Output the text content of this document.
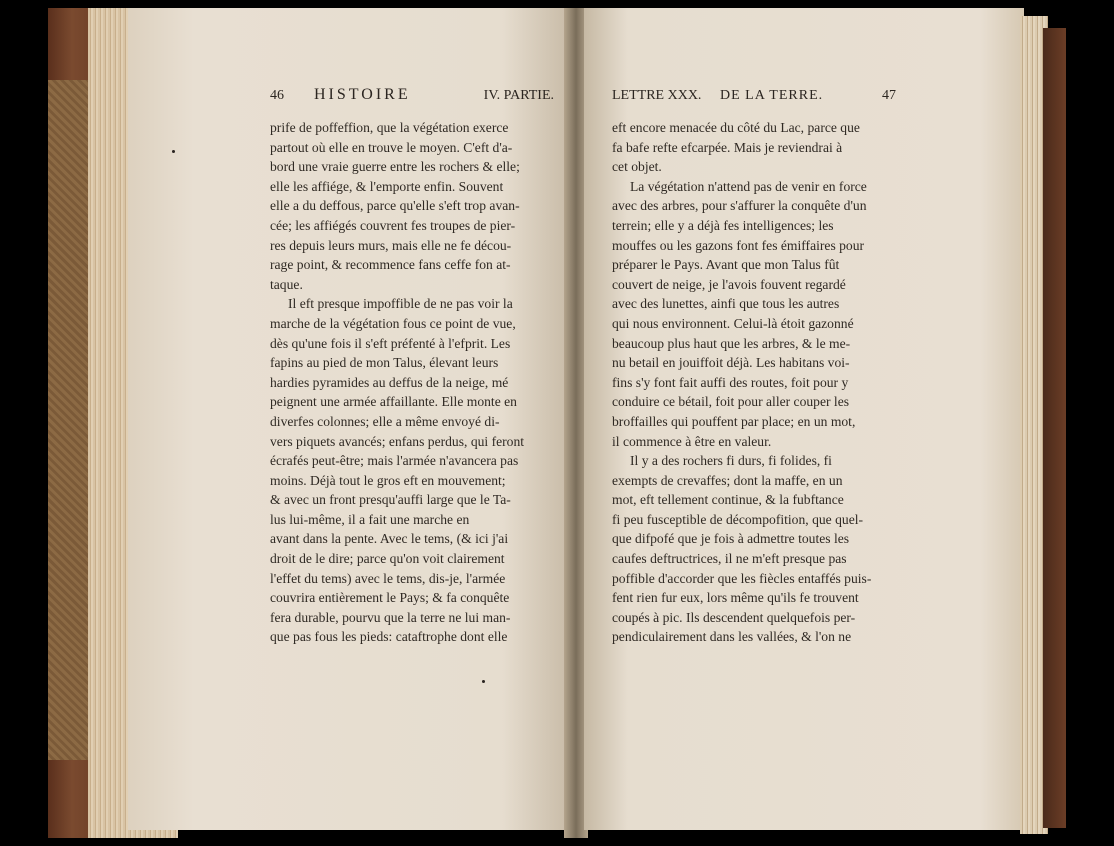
46 HISTOIRE	IV. PARTIE.	LETTRE XXX. DE LA TERRE.	47
prife de poffeffion, que la végétation exerce
partout où elle en trouve le moyen. C'eft d'a-
bord une vraie guerre entre les rochers & elle;
elle les affiége, & l'emporte enfin. Souvent
elle a du deffous, parce qu'elle s'eft trop avan-
cée; les affiégés couvrent fes troupes de pier-
res depuis leurs murs, mais elle ne fe décou-
rage point, & recommence fans ceffe fon at-
taque.
Il eft presque impoffible de ne pas voir la
marche de la végétation fous ce point de vue,
dès qu'une fois il s'eft préfenté à l'efprit. Les
fapins au pied de mon Talus, élevant leurs
hardies pyramides au deffus de la neige, mé
peignent une armée affaillante. Elle monte en
diverfes colonnes; elle a même envoyé di-
vers piquets avancés; enfans perdus, qui feront
écrafés peut-être; mais l'armée n'avancera pas
moins. Déjà tout le gros eft en mouvement;
& avec un front presqu'auffi large que le Ta-
lus lui-même, il a fait une marche en
avant dans la pente. Avec le tems, (& ici j'ai
droit de le dire; parce qu'on voit clairement
l'effet du tems) avec le tems, dis-je, l'armée
couvrira entièrement le Pays; & fa conquête
fera durable, pourvu que la terre ne lui man-
que pas fous les pieds: cataftrophe dont elle
eft encore menacée du côté du Lac, parce que
fa bafe refte efcarpée. Mais je reviendrai à
cet objet.
La végétation n'attend pas de venir en force
avec des arbres, pour s'affurer la conquête d'un
terrein; elle y a déjà fes intelligences; les
mouffes ou les gazons font fes émiffaires pour
préparer le Pays. Avant que mon Talus fût
couvert de neige, je l'avois fouvent regardé
avec des lunettes, ainfi que tous les autres
qui nous environnent. Celui-là étoit gazonné
beaucoup plus haut que les arbres, & le me-
nu betail en jouiffoit déjà. Les habitans voi-
fins s'y font fait auffi des routes, foit pour y
conduire ce bétail, foit pour aller couper les
broffailles qui pouffent par place; en un mot,
il commence à être en valeur.
Il y a des rochers fi durs, fi folides, fi
exempts de crevaffes; dont la maffe, en un
mot, eft tellement continue, & la fubftance
fi peu fusceptible de décompofition, que quel-
que difpofé que je fois à admettre toutes les
caufes deftructrices, il ne m'eft presque pas
poffible d'accorder que les fiècles entaffés puis-
fent rien fur eux, lors même qu'ils fe trouvent
coupés à pic. Ils descendent quelquefois per-
pendiculairement dans les vallées, & l'on ne
